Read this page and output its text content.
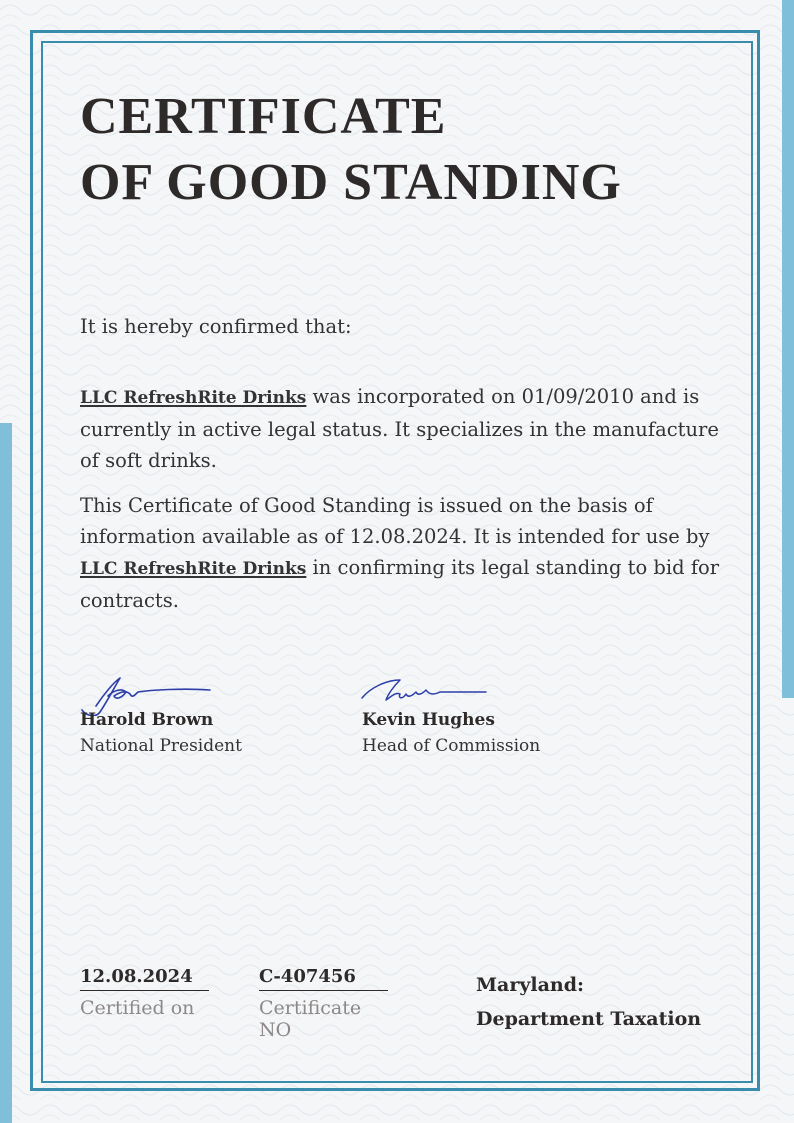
CERTIFICATE
OF GOOD STANDING

It is hereby confirmed that:

LLC RefreshRite Drinks was incorporated on 01/09/2010 and is currently in active legal status. It specializes in the manufacture of soft drinks.

This Certificate of Good Standing is issued on the basis of information available as of 12.08.2024. It is intended for use by LLC RefreshRite Drinks in confirming its legal standing to bid for contracts.

Harold Brown

National President

Kevin Hughes

Head of Commission

12.08.2024
Certified on
C-407456
Certificate NO

Maryland:
Department Taxation
